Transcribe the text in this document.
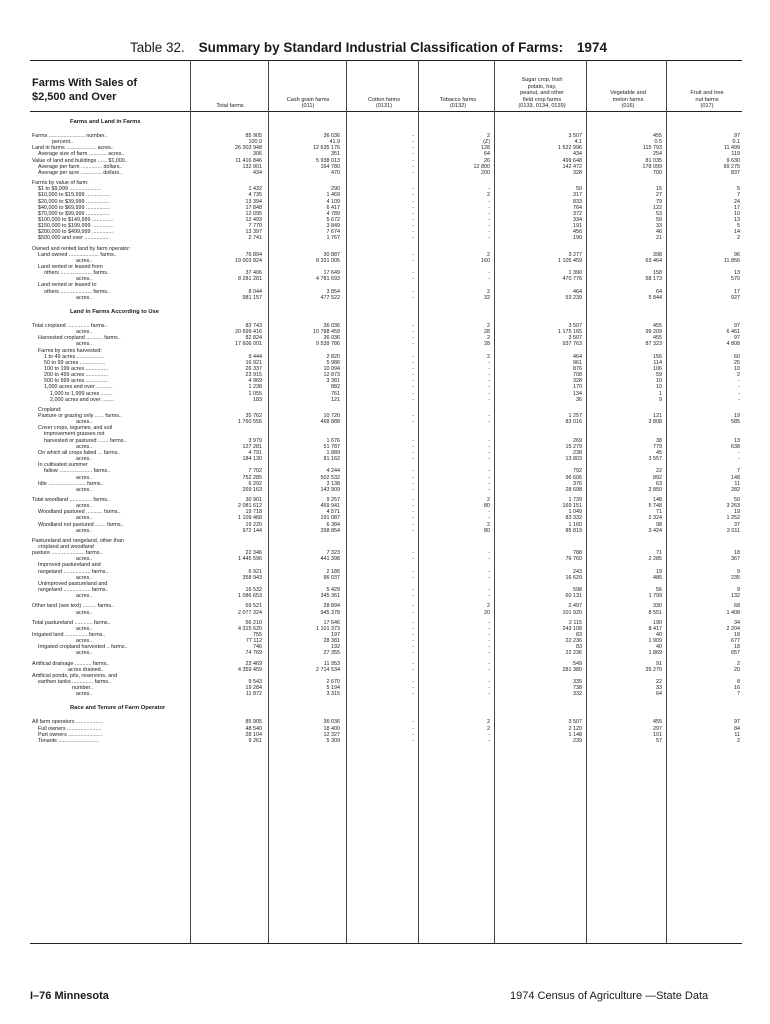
Table 32. Summary by Standard Industrial Classification of Farms: 1974
Farms With Sales of
$2,500 and Over
Total farms
Cash grain farms
(011)
Cotton farms
(0131)
Tobacco farms
(0132)
Sugar crop, Irish
potato, hay,
peanut, and other
field crop farms
(0133, 0134, 0139)
Vegetable and
melon farms
(016)
Fruit and tree
nut farms
(017)
Farms and Land in Farms
Farms ........................ number..	85 905	36 036	-	2	3 507	455	97
percent..	100.0	41.9	-	(Z)	4.1	0.5	0.1
Land in farms .................... acres..	26 303 948	12 635 176	-	128	1 522 996	115 793	11 499
Average size of farm ............ acres..	306	351	-	64	434	254	119
Value of land and buildings ...... $1,000..	11 416 846	5 938 013	-	26	499 648	81 035	9 630
Average per farm .............. dollars..	132 901	164 780	-	12 800	142 472	178 099	99 275
Average per acre .............. dollars..	434	470	-	200	328	700	837
Farms by value of farm:
$1 to $9,999 .....................	1 432	290	-	-	50	15	5
$10,000 to $19,999 ................	4 735	1 469	-	2	317	27	7
$20,000 to $39,999 ................	13 394	4 109	-	-	833	79	24
$40,000 to $69,999 ................	17 848	6 417	-	-	764	122	17
$70,000 to $99,999 ................	12 095	4 789	-	-	372	53	10
$100,000 to $149,999 ..............	12 493	5 672	-	-	334	59	13
$150,000 to $199,999 ..............	7 770	3 849	-	-	191	33	5
$200,000 to $499,999 ..............	13 397	7 674	-	-	456	46	14
$500,000 and over .................	2 741	1 767	-	-	190	21	2
Owned and rented land by farm operator:
Land owned .................... farms..	76 894	30 887	-	2	3 277	398	96
acres..	19 003 824	8 331 005	-	160	1 105 459	63 464	11 856
Land rented or leased from
others ..................... farms..	37 406	17 649	-	-	1 390	158	13
acres..	8 281 281	4 781 693	-	-	470 776	58 173	570
Land rented or leased to
others ..................... farms..	8 044	3 854	-	2	464	64	17
acres..	981 157	477 522	-	32	53 239	5 844	927
Land in Farms According to Use
Total cropland ............... farms..	83 743	36 036	-	2	3 507	455	97
acres..	20 699 416	10 788 459	-	28	1 175 165	99 209	6 461
Harvested cropland ........... farms..	82 824	36 036	-	2	3 507	455	97
acres..	17 606 001	9 539 786	-	28	937 763	87 323	4 808
Farms by acres harvested:
1 to 49 acres ..................	9 444	2 820	-	2	464	156	60
50 to 99 acres .................	16 921	5 986	-	-	961	114	25
100 to 199 acres ...............	26 337	10 094	-	-	876	106	10
200 to 499 acres ...............	23 915	12 873	-	-	708	59	2
500 to 999 acres ...............	4 969	3 381	-	-	328	10	-
1,000 acres and over ...........	1 238	882	-	-	170	10	-
1,000 to 1,999 acres ........	1 055	761	-	-	134	1	-
2,000 acres and over ........	183	121	-	-	36	9	-
Cropland:
Pasture or grazing only ...... farms..	35 762	10 720	-	-	1 257	121	19
acres..	1 760 556	468 888	-	-	83 016	3 808	585
Cover crops, legumes, and soil
improvement grasses not
harvested or pastured ....... farms..	3 979	1 676	-	-	269	38	13
acres..	127 281	51 787	-	-	15 279	779	638
On which all crops failed ... farms..	4 791	1 889	-	-	238	45	-
acres..	184 130	81 162	-	-	13 803	3 557	-
In cultivated summer
fallow ...................... farms..	7 702	4 244	-	-	792	22	7
acres..	752 285	502 532	-	-	96 606	892	148
Idle ......................... farms..	6 292	3 138	-	-	376	63	11
acres..	269 163	143 909	-	-	28 698	2 850	282
Total woodland ............... farms..	30 901	9 257	-	2	1 739	148	50
acres..	2 081 612	459 941	-	80	169 151	5 748	3 263
Woodland pastured ........... farms..	19 718	4 571	-	-	1 049	71	19
acres..	1 109 468	191 087	-	-	83 332	2 324	1 252
Woodland not pastured ....... farms..	19 220	6 384	-	2	1 160	98	37
acres..	972 144	268 854	-	80	85 819	3 424	2 011
Pastureland and rangeland, other than
cropland and woodland
pasture ...................... farms..	22 346	7 323	-	-	788	71	18
acres..	1 445 596	441 398	-	-	76 760	2 285	367
Improved pastureland and
rangeland .................. farms..	6 921	2 186	-	-	243	19	9
acres..	358 943	96 037	-	-	16 629	486	235
Unimproved pastureland and
rangeland .................. farms..	16 532	5 429	-	-	598	56	9
acres..	1 086 653	345 361	-	-	60 131	1 799	132
Other land (see text) ......... farms..	69 521	28 894	-	2	2 497	330	68
acres..	2 077 324	945 378	-	20	101 920	8 551	1 408
Total pastureland ............ farms..	56 210	17 646	-	-	2 115	190	34
acres..	4 315 620	1 101 373	-	-	243 108	8 417	2 204
Irrigated land ............... farms..	755	197	-	-	83	40	18
acres..	77 112	28 381	-	-	22 236	1 909	677
Irrigated cropland harvested .. farms..	746	192	-	-	83	40	18
acres..	74 769	27 355	-	-	22 236	1 869	657
Artificial drainage ........... farms..	23 469	11 953	-	-	549	91	2
acres drained..	4 359 459	2 714 534	-	-	281 380	35 270	20
Artificial ponds, pits, reservoirs, and
earthen tanks .............. farms..	9 543	2 670	-	-	335	22	8
number..	19 284	5 194	-	-	738	33	16
acres..	11 872	3 315	-	-	332	64	7
Race and Tenure of Farm Operator
All farm operators ..................	85 905	36 036	-	2	3 507	455	97
Full owners .......................	48 540	18 400	-	2	2 120	297	84
Part owners .......................	28 104	12 327	-	-	1 148	101	11
Tenants ...........................	9 261	5 309	-	-	239	57	2
I–76 Minnesota	1974 Census of Agriculture —State Data
